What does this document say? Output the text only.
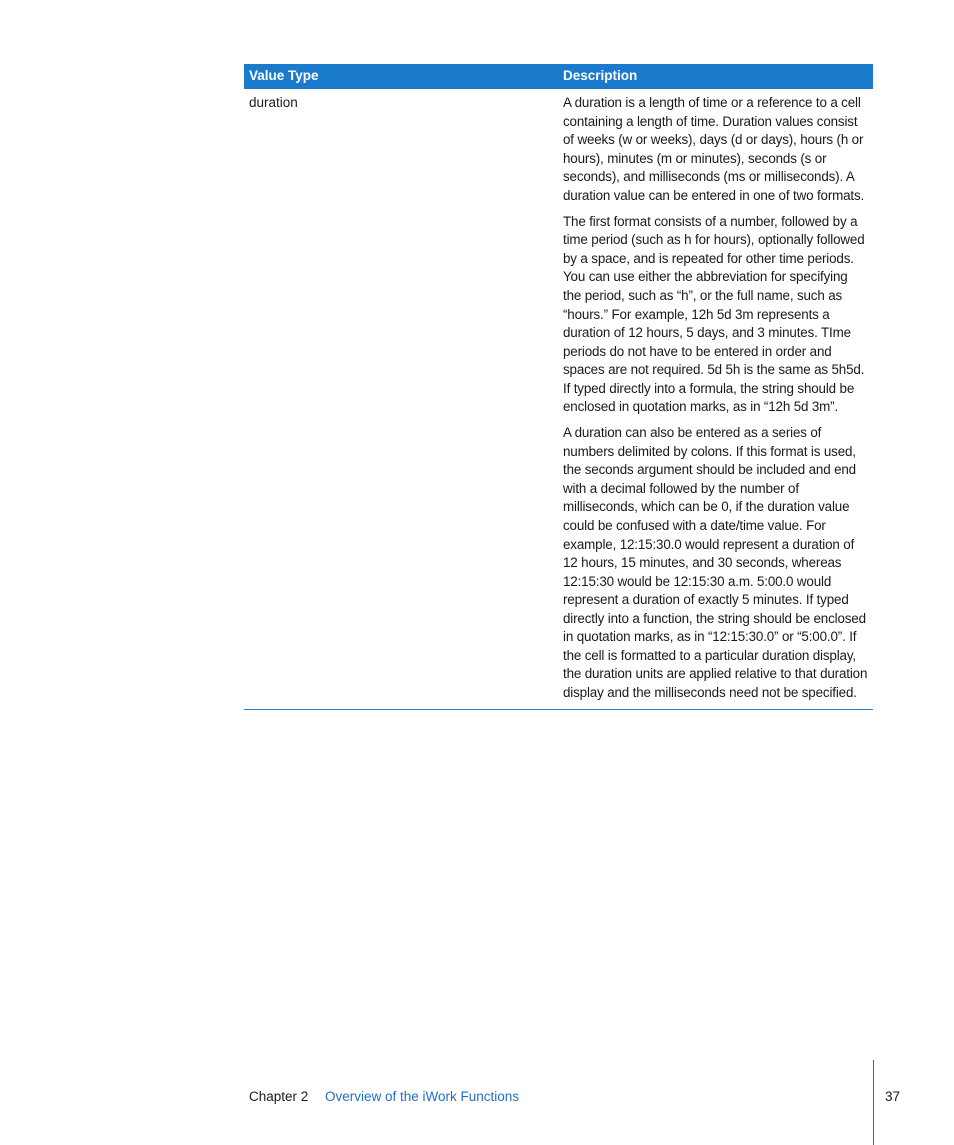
Value Type	Description
duration	A duration is a length of time or a reference to a cell containing a length of time. Duration values consist of weeks (w or weeks), days (d or days), hours (h or hours), minutes (m or minutes), seconds (s or seconds), and milliseconds (ms or milliseconds). A duration value can be entered in one of two formats.

The first format consists of a number, followed by a time period (such as h for hours), optionally followed by a space, and is repeated for other time periods. You can use either the abbreviation for specifying the period, such as “h”, or the full name, such as “hours.” For example, 12h 5d 3m represents a duration of 12 hours, 5 days, and 3 minutes. TIme periods do not have to be entered in order and spaces are not required. 5d 5h is the same as 5h5d. If typed directly into a formula, the string should be enclosed in quotation marks, as in “12h 5d 3m”.

A duration can also be entered as a series of numbers delimited by colons. If this format is used, the seconds argument should be included and end with a decimal followed by the number of milliseconds, which can be 0, if the duration value could be confused with a date/time value. For example, 12:15:30.0 would represent a duration of 12 hours, 15 minutes, and 30 seconds, whereas 12:15:30 would be 12:15:30 a.m. 5:00.0 would represent a duration of exactly 5 minutes. If typed directly into a function, the string should be enclosed in quotation marks, as in “12:15:30.0” or “5:00.0”. If the cell is formatted to a particular duration display, the duration units are applied relative to that duration display and the milliseconds need not be specified.

Chapter 2 Overview of the iWork Functions	37
